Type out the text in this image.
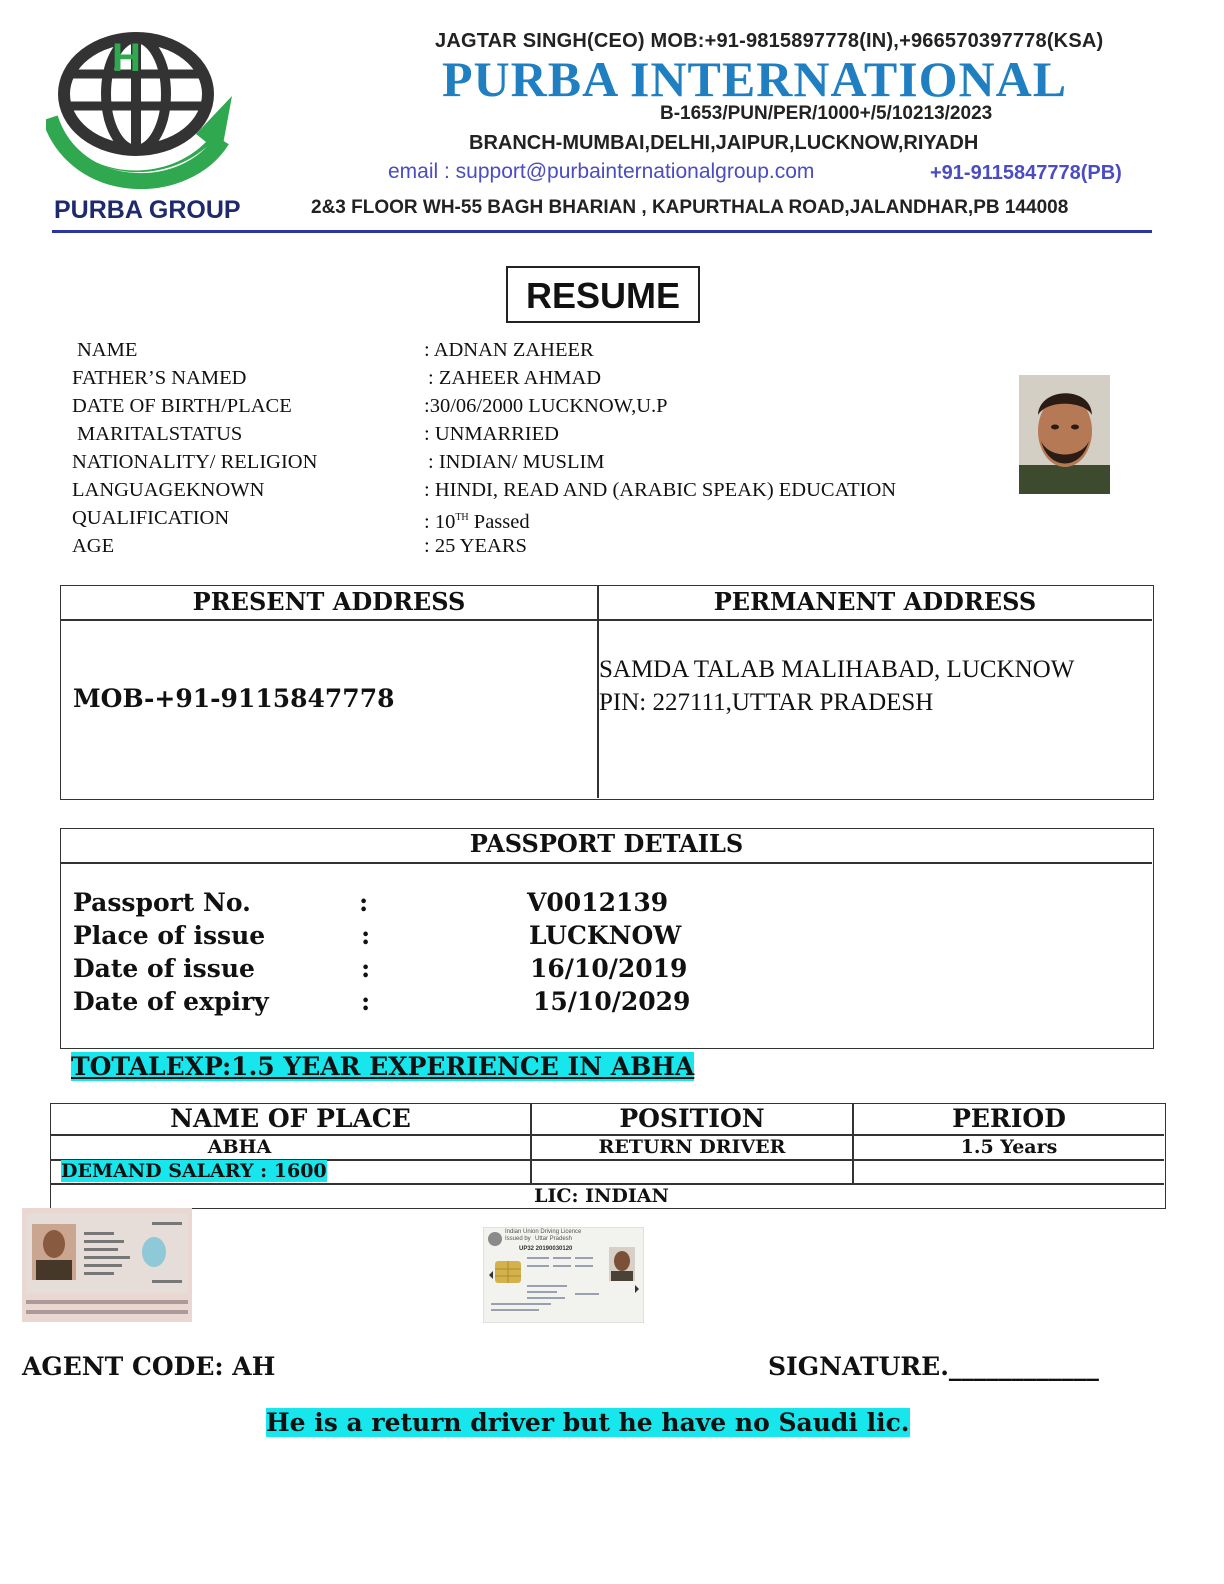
H
PURBA GROUP
JAGTAR SINGH(CEO) MOB:+91-9815897778(IN),+966570397778(KSA)
PURBA INTERNATIONAL
B-1653/PUN/PER/1000+/5/10213/2023
BRANCH-MUMBAI,DELHI,JAIPUR,LUCKNOW,RIYADH
email : support@purbainternationalgroup.com	+91-9115847778(PB)
2&3 FLOOR WH-55 BAGH BHARIAN , KAPURTHALA ROAD,JALANDHAR,PB 144008
RESUME
NAME	: ADNAN ZAHEER
FATHER’S NAMED	: ZAHEER AHMAD
DATE OF BIRTH/PLACE	:30/06/2000 LUCKNOW,U.P
MARITALSTATUS	: UNMARRIED
NATIONALITY/ RELIGION	: INDIAN/ MUSLIM
LANGUAGEKNOWN	: HINDI, READ AND (ARABIC SPEAK) EDUCATION
QUALIFICATION	: 10TH Passed
AGE	: 25 YEARS
PRESENT ADDRESS	PERMANENT ADDRESS
MOB-+91-9115847778
SAMDA TALAB MALIHABAD, LUCKNOW
PIN: 227111,UTTAR PRADESH
PASSPORT DETAILS
Passport No.	:	V0012139
Place of issue	:	LUCKNOW
Date of issue	:	16/10/2019
Date of expiry	:	15/10/2029
TOTALEXP:1.5 YEAR EXPERIENCE IN ABHA
NAME OF PLACE	POSITION	PERIOD
ABHA	RETURN DRIVER	1.5 Years
DEMAND SALARY : 1600
LIC: INDIAN
Indian Union Driving Licence
Issued by Uttar Pradesh
UP32 20190030120
AGENT CODE: AH	SIGNATURE.____________
He is a return driver but he have no Saudi lic.
